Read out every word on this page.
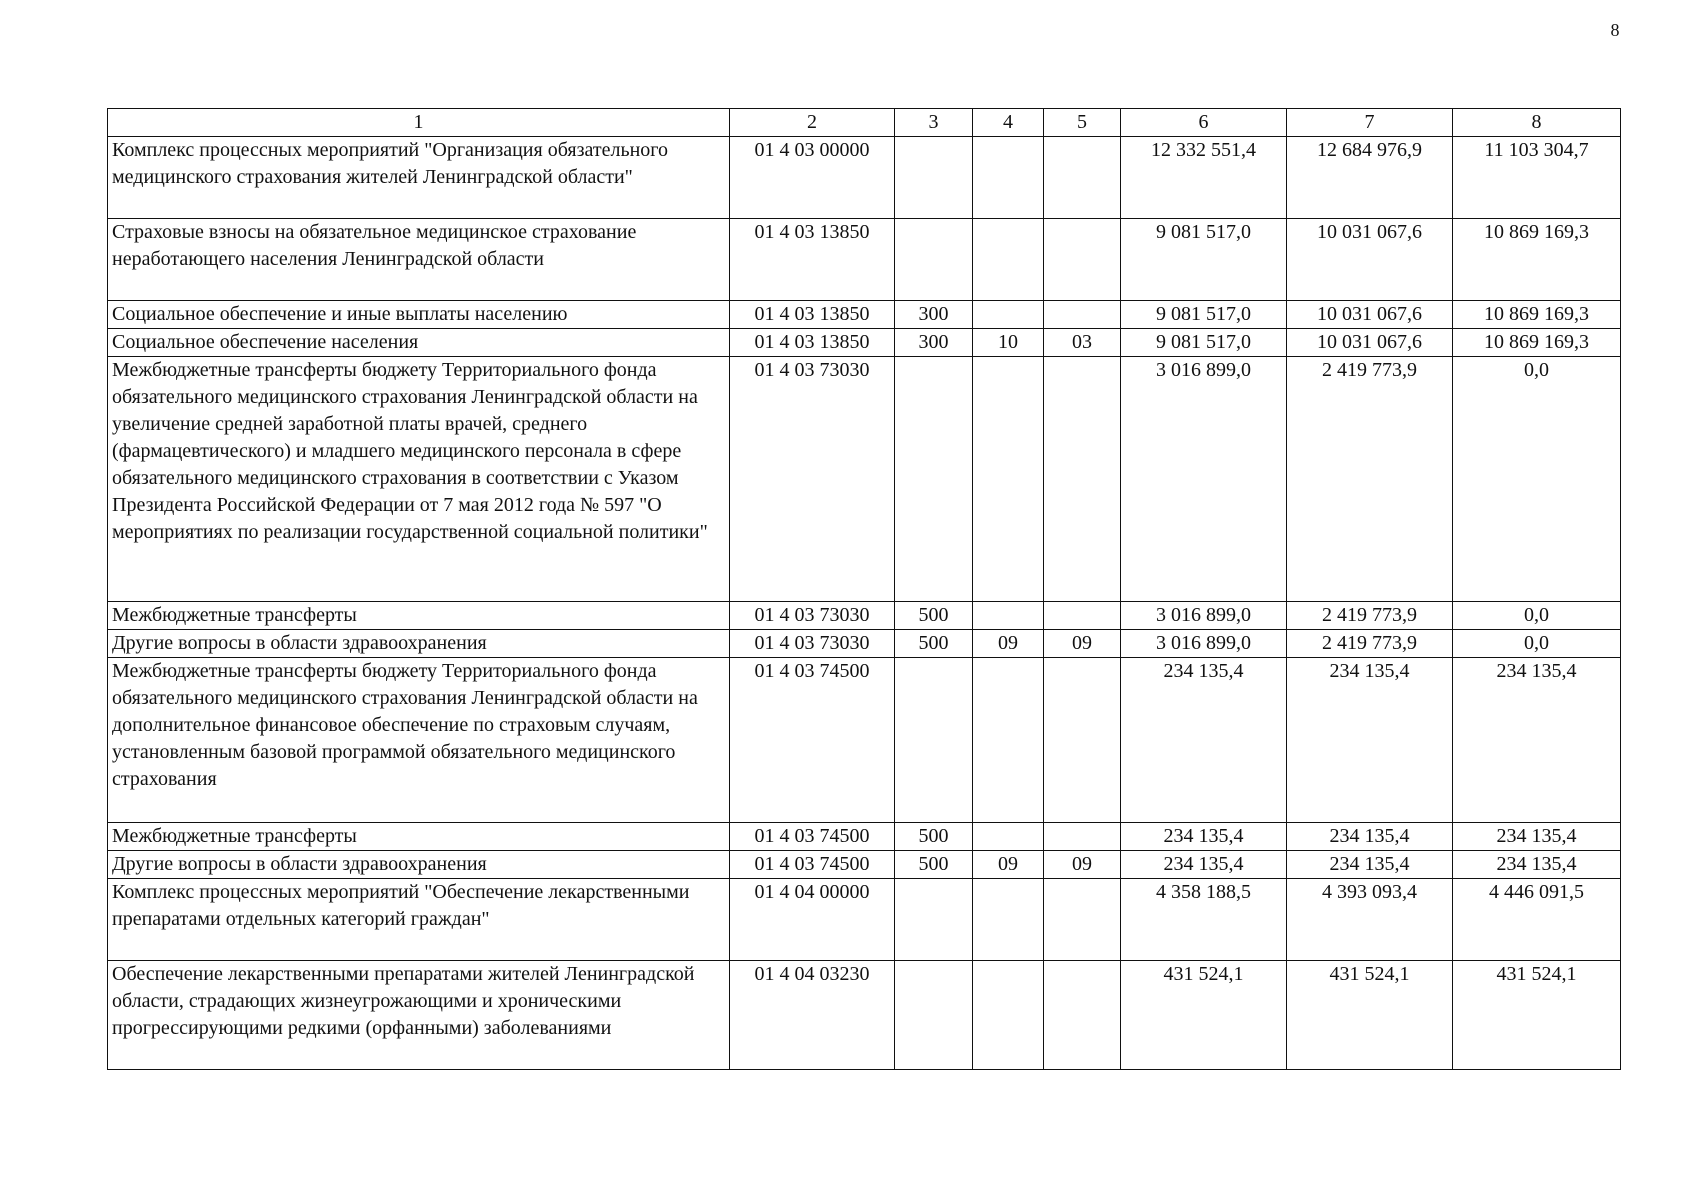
8
1	2	3	4	5	6	7	8
Комплекс процессных мероприятий "Организация обязательного медицинского страхования жителей Ленинградской области"	01 4 03 00000				12 332 551,4	12 684 976,9	11 103 304,7
Страховые взносы на обязательное медицинское страхование неработающего населения Ленинградской области	01 4 03 13850				9 081 517,0	10 031 067,6	10 869 169,3
Социальное обеспечение и иные выплаты населению	01 4 03 13850	300			9 081 517,0	10 031 067,6	10 869 169,3
Социальное обеспечение населения	01 4 03 13850	300	10	03	9 081 517,0	10 031 067,6	10 869 169,3
Межбюджетные трансферты бюджету Территориального фонда обязательного медицинского страхования Ленинградской области на увеличение средней заработной платы врачей, среднего (фармацевтического) и младшего медицинского персонала в сфере обязательного медицинского страхования в соответствии с Указом Президента Российской Федерации от 7 мая 2012 года № 597 "О мероприятиях по реализации государственной социальной политики"	01 4 03 73030				3 016 899,0	2 419 773,9	0,0
Межбюджетные трансферты	01 4 03 73030	500			3 016 899,0	2 419 773,9	0,0
Другие вопросы в области здравоохранения	01 4 03 73030	500	09	09	3 016 899,0	2 419 773,9	0,0
Межбюджетные трансферты бюджету Территориального фонда обязательного медицинского страхования Ленинградской области на дополнительное финансовое обеспечение по страховым случаям, установленным базовой программой обязательного медицинского страхования	01 4 03 74500				234 135,4	234 135,4	234 135,4
Межбюджетные трансферты	01 4 03 74500	500			234 135,4	234 135,4	234 135,4
Другие вопросы в области здравоохранения	01 4 03 74500	500	09	09	234 135,4	234 135,4	234 135,4
Комплекс процессных мероприятий "Обеспечение лекарственными препаратами отдельных категорий граждан"	01 4 04 00000				4 358 188,5	4 393 093,4	4 446 091,5
Обеспечение лекарственными препаратами жителей Ленинградской области, страдающих жизнеугрожающими и хроническими прогрессирующими редкими (орфанными) заболеваниями	01 4 04 03230				431 524,1	431 524,1	431 524,1
